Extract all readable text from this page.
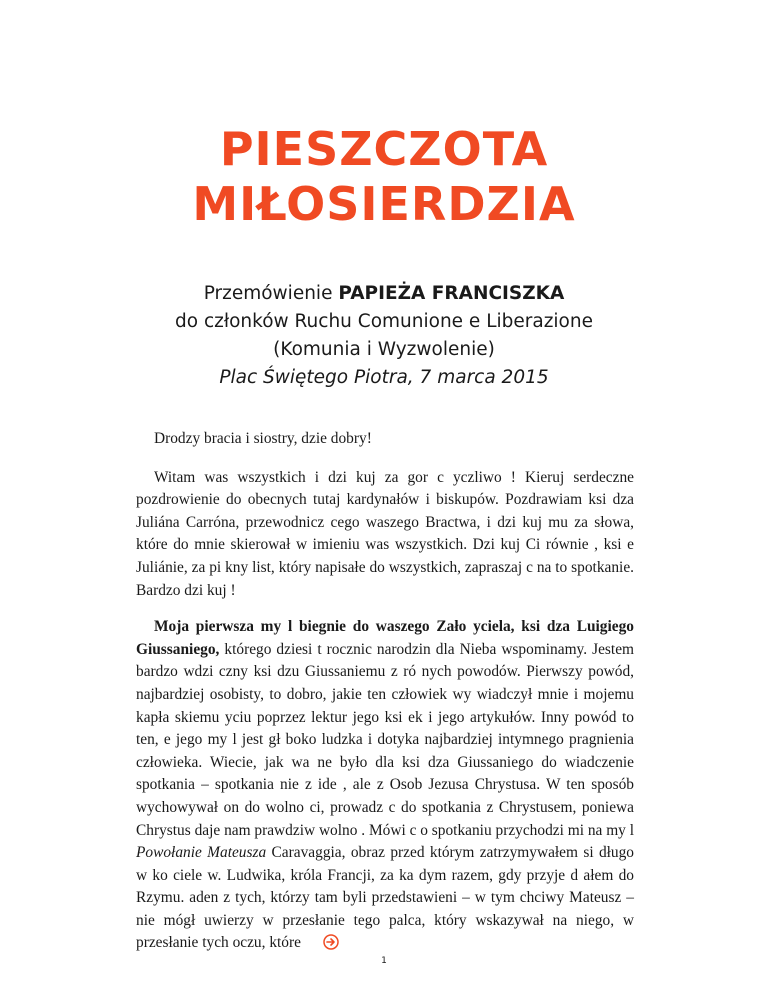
PIESZCZOTA
MIŁOSIERDZIA
Przemówienie PAPIEŻA FRANCISZKA
do członków Ruchu Comunione e Liberazione
(Komunia i Wyzwolenie)
Plac Świętego Piotra, 7 marca 2015

Drodzy bracia i siostry, dzie dobry!

Witam was wszystkich i dzi kuj za gor c yczliwo ! Kieruj serdeczne pozdrowienie do obecnych tutaj kardynałów i biskupów. Pozdrawiam ksi dza Juliána Carróna, przewodnicz cego waszego Bractwa, i dzi kuj mu za słowa, które do mnie skierował w imieniu was wszystkich. Dzi kuj Ci równie , ksi e Juliánie, za pi kny list, który napisałe do wszystkich, zapraszaj c na to spotkanie. Bardzo dzi kuj !

Moja pierwsza my l biegnie do waszego Zało yciela, ksi dza Luigiego Giussaniego, którego dziesi t rocznic narodzin dla Nieba wspominamy. Jestem bardzo wdzi czny ksi dzu Giussaniemu z ró nych powodów. Pierwszy powód, najbardziej osobisty, to dobro, jakie ten człowiek wy wiadczył mnie i mojemu kapła skiemu yciu poprzez lektur jego ksi ek i jego artykułów. Inny powód to ten, e jego my l jest gł boko ludzka i dotyka najbardziej intymnego pragnienia człowieka. Wiecie, jak wa ne było dla ksi dza Giussaniego do wiadczenie spotkania – spotkania nie z ide , ale z Osob Jezusa Chrystusa. W ten sposób wychowywał on do wolno ci, prowadz c do spotkania z Chrystusem, poniewa Chrystus daje nam prawdziw wolno . Mówi c o spotkaniu przychodzi mi na my l Powołanie Mateusza Caravaggia, obraz przed którym zatrzymywałem si długo w ko ciele w. Ludwika, króla Francji, za ka dym razem, gdy przyje d ałem do Rzymu. aden z tych, którzy tam byli przedstawieni – w tym chciwy Mateusz – nie mógł uwierzy w przesłanie tego palca, który wskazywał na niego, w przesłanie tych oczu, które

1
